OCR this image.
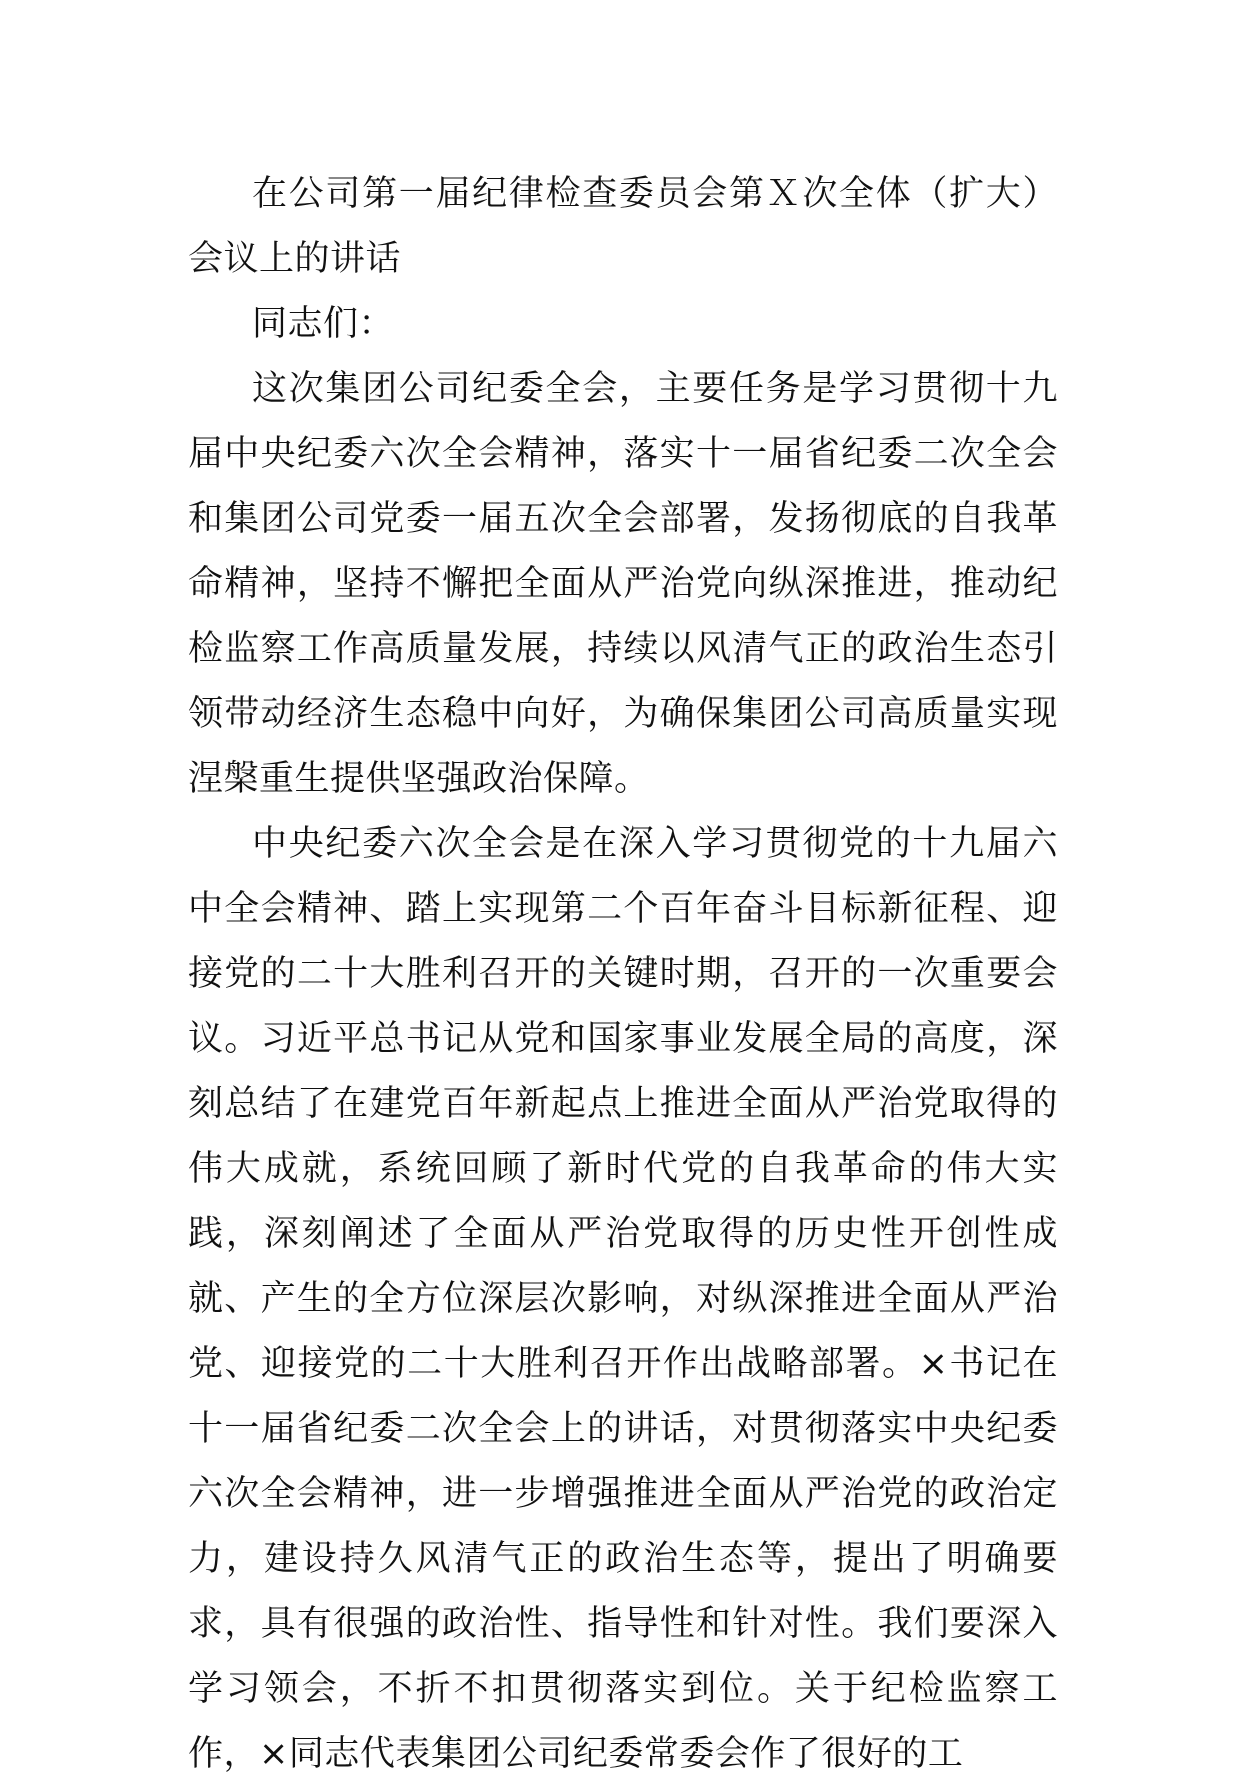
在公司第一届纪律检查委员会第Ｘ次全体（扩大）会议上的讲话

同志们：

这次集团公司纪委全会，主要任务是学习贯彻十九届中央纪委六次全会精神，落实十一届省纪委二次全会和集团公司党委一届五次全会部署，发扬彻底的自我革命精神，坚持不懈把全面从严治党向纵深推进，推动纪检监察工作高质量发展，持续以风清气正的政治生态引领带动经济生态稳中向好，为确保集团公司高质量实现涅槃重生提供坚强政治保障。

中央纪委六次全会是在深入学习贯彻党的十九届六中全会精神、踏上实现第二个百年奋斗目标新征程、迎接党的二十大胜利召开的关键时期，召开的一次重要会议。习近平总书记从党和国家事业发展全局的高度，深刻总结了在建党百年新起点上推进全面从严治党取得的伟大成就，系统回顾了新时代党的自我革命的伟大实践，深刻阐述了全面从严治党取得的历史性开创性成就、产生的全方位深层次影响，对纵深推进全面从严治党、迎接党的二十大胜利召开作出战略部署。×书记在十一届省纪委二次全会上的讲话，对贯彻落实中央纪委六次全会精神，进一步增强推进全面从严治党的政治定力，建设持久风清气正的政治生态等，提出了明确要求，具有很强的政治性、指导性和针对性。我们要深入学习领会，不折不扣贯彻落实到位。关于纪检监察工作，×同志代表集团公司纪委常委会作了很好的工
